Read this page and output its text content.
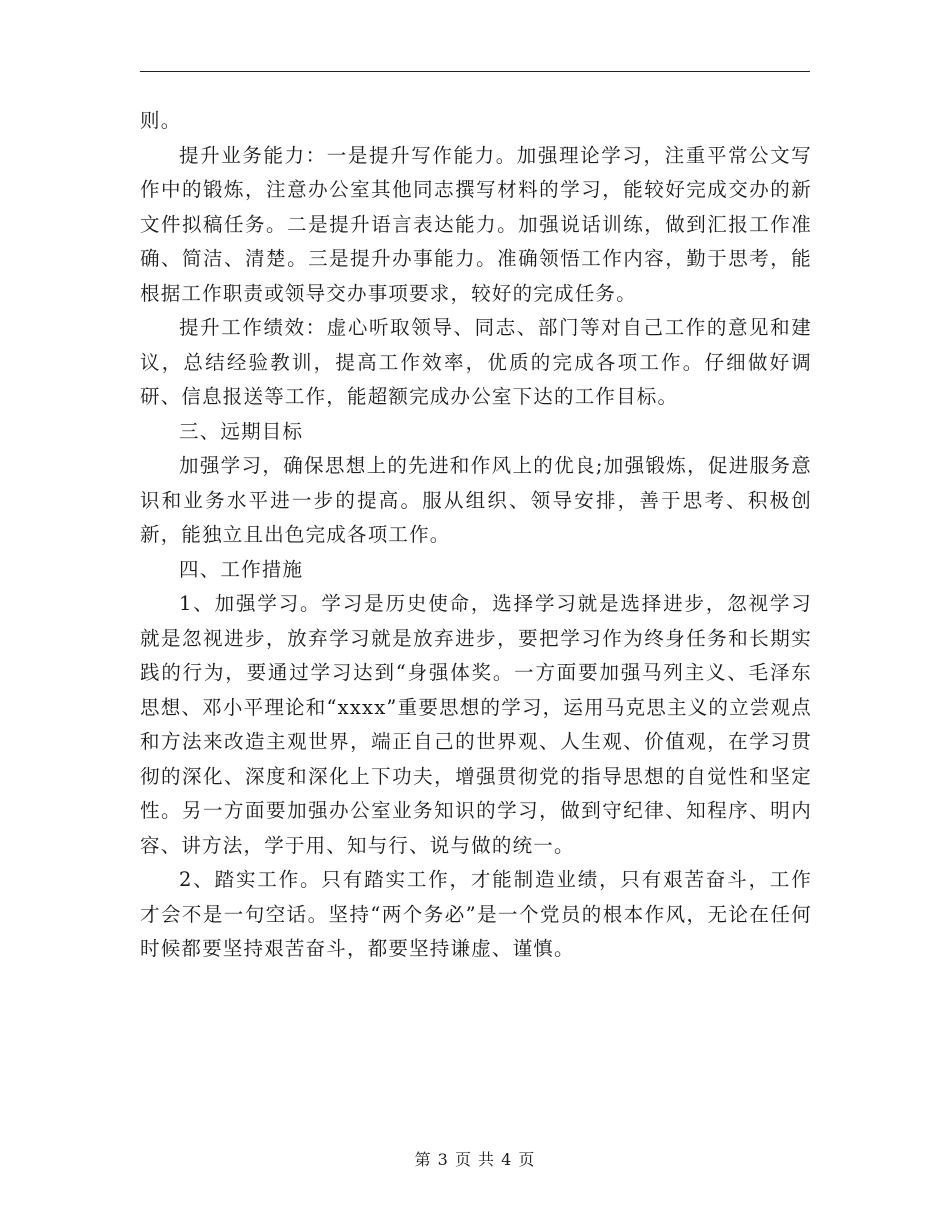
则。

提升业务能力：一是提升写作能力。加强理论学习，注重平常公文写作中的锻炼，注意办公室其他同志撰写材料的学习，能较好完成交办的新文件拟稿任务。二是提升语言表达能力。加强说话训练，做到汇报工作准确、简洁、清楚。三是提升办事能力。准确领悟工作内容，勤于思考，能根据工作职责或领导交办事项要求，较好的完成任务。

提升工作绩效：虚心听取领导、同志、部门等对自己工作的意见和建议，总结经验教训，提高工作效率，优质的完成各项工作。仔细做好调研、信息报送等工作，能超额完成办公室下达的工作目标。

三、远期目标

加强学习，确保思想上的先进和作风上的优良;加强锻炼，促进服务意识和业务水平进一步的提高。服从组织、领导安排，善于思考、积极创新，能独立且出色完成各项工作。

四、工作措施

1、加强学习。学习是历史使命，选择学习就是选择进步，忽视学习就是忽视进步，放弃学习就是放弃进步，要把学习作为终身任务和长期实践的行为，要通过学习达到“身强体奖。一方面要加强马列主义、毛泽东思想、邓小平理论和“xxxx”重要思想的学习，运用马克思主义的立尝观点和方法来改造主观世界，端正自己的世界观、人生观、价值观，在学习贯彻的深化、深度和深化上下功夫，增强贯彻党的指导思想的自觉性和坚定性。另一方面要加强办公室业务知识的学习，做到守纪律、知程序、明内容、讲方法，学于用、知与行、说与做的统一。

2、踏实工作。只有踏实工作，才能制造业绩，只有艰苦奋斗，工作才会不是一句空话。坚持“两个务必”是一个党员的根本作风，无论在任何时候都要坚持艰苦奋斗，都要坚持谦虚、谨慎。

第 3 页 共 4 页
